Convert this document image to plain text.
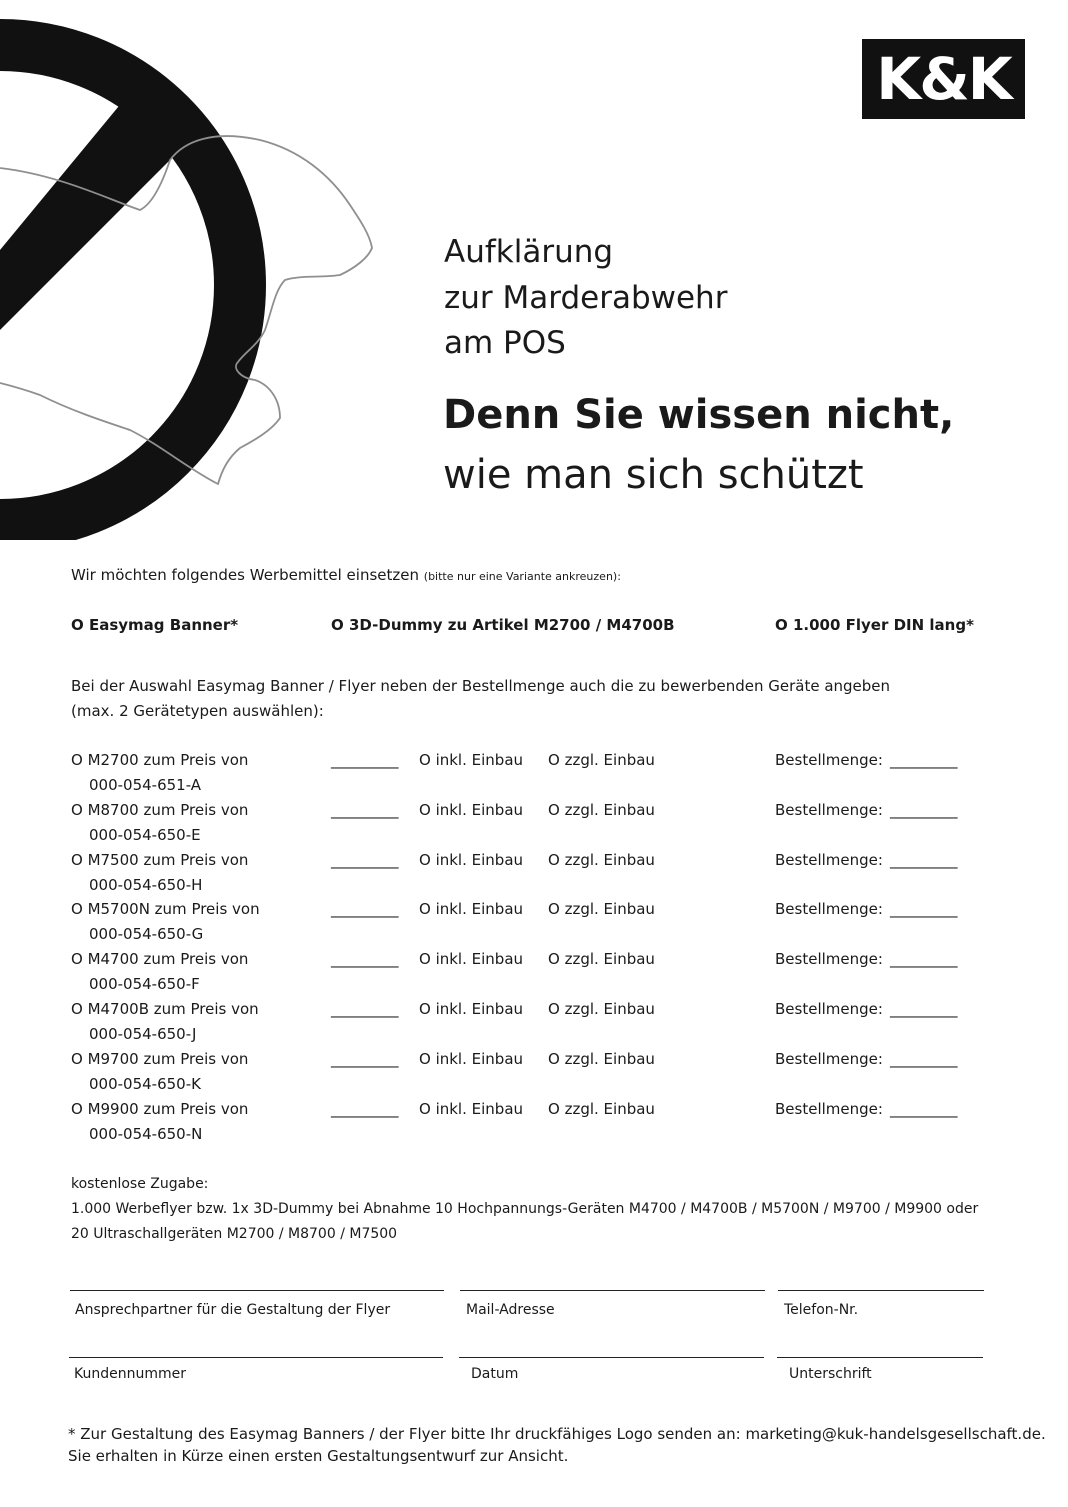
K&K
Aufklärung
zur Marderabwehr
am POS
Denn Sie wissen nicht,
wie man sich schützt
Wir möchten folgendes Werbemittel einsetzen (bitte nur eine Variante ankreuzen):
O Easymag Banner*	O 3D-Dummy zu Artikel M2700 / M4700B	O 1.000 Flyer DIN lang*
Bei der Auswahl Easymag Banner / Flyer neben der Bestellmenge auch die zu bewerbenden Geräte angeben
(max. 2 Gerätetypen auswählen):
O M2700 zum Preis von
000-054-651-A
_________ O inkl. Einbau O zzgl. Einbau	Bestellmenge: _________
O M8700 zum Preis von
000-054-650-E
_________ O inkl. Einbau O zzgl. Einbau	Bestellmenge: _________
O M7500 zum Preis von
000-054-650-H
_________ O inkl. Einbau O zzgl. Einbau	Bestellmenge: _________
O M5700N zum Preis von
000-054-650-G
_________ O inkl. Einbau O zzgl. Einbau	Bestellmenge: _________
O M4700 zum Preis von
000-054-650-F
_________ O inkl. Einbau O zzgl. Einbau	Bestellmenge: _________
O M4700B zum Preis von
000-054-650-J
_________ O inkl. Einbau O zzgl. Einbau	Bestellmenge: _________
O M9700 zum Preis von
000-054-650-K
_________ O inkl. Einbau O zzgl. Einbau	Bestellmenge: _________
O M9900 zum Preis von
000-054-650-N
_________ O inkl. Einbau O zzgl. Einbau	Bestellmenge: _________
kostenlose Zugabe:
1.000 Werbeflyer bzw. 1x 3D-Dummy bei Abnahme 10 Hochpannungs-Geräten M4700 / M4700B / M5700N / M9700 / M9900 oder
20 Ultraschallgeräten M2700 / M8700 / M7500
Ansprechpartner für die Gestaltung der Flyer	Mail-Adresse	Telefon-Nr.
Kundennummer	Datum	Unterschrift
* Zur Gestaltung des Easymag Banners / der Flyer bitte Ihr druckfähiges Logo senden an: marketing@kuk-handelsgesellschaft.de.
Sie erhalten in Kürze einen ersten Gestaltungsentwurf zur Ansicht.
